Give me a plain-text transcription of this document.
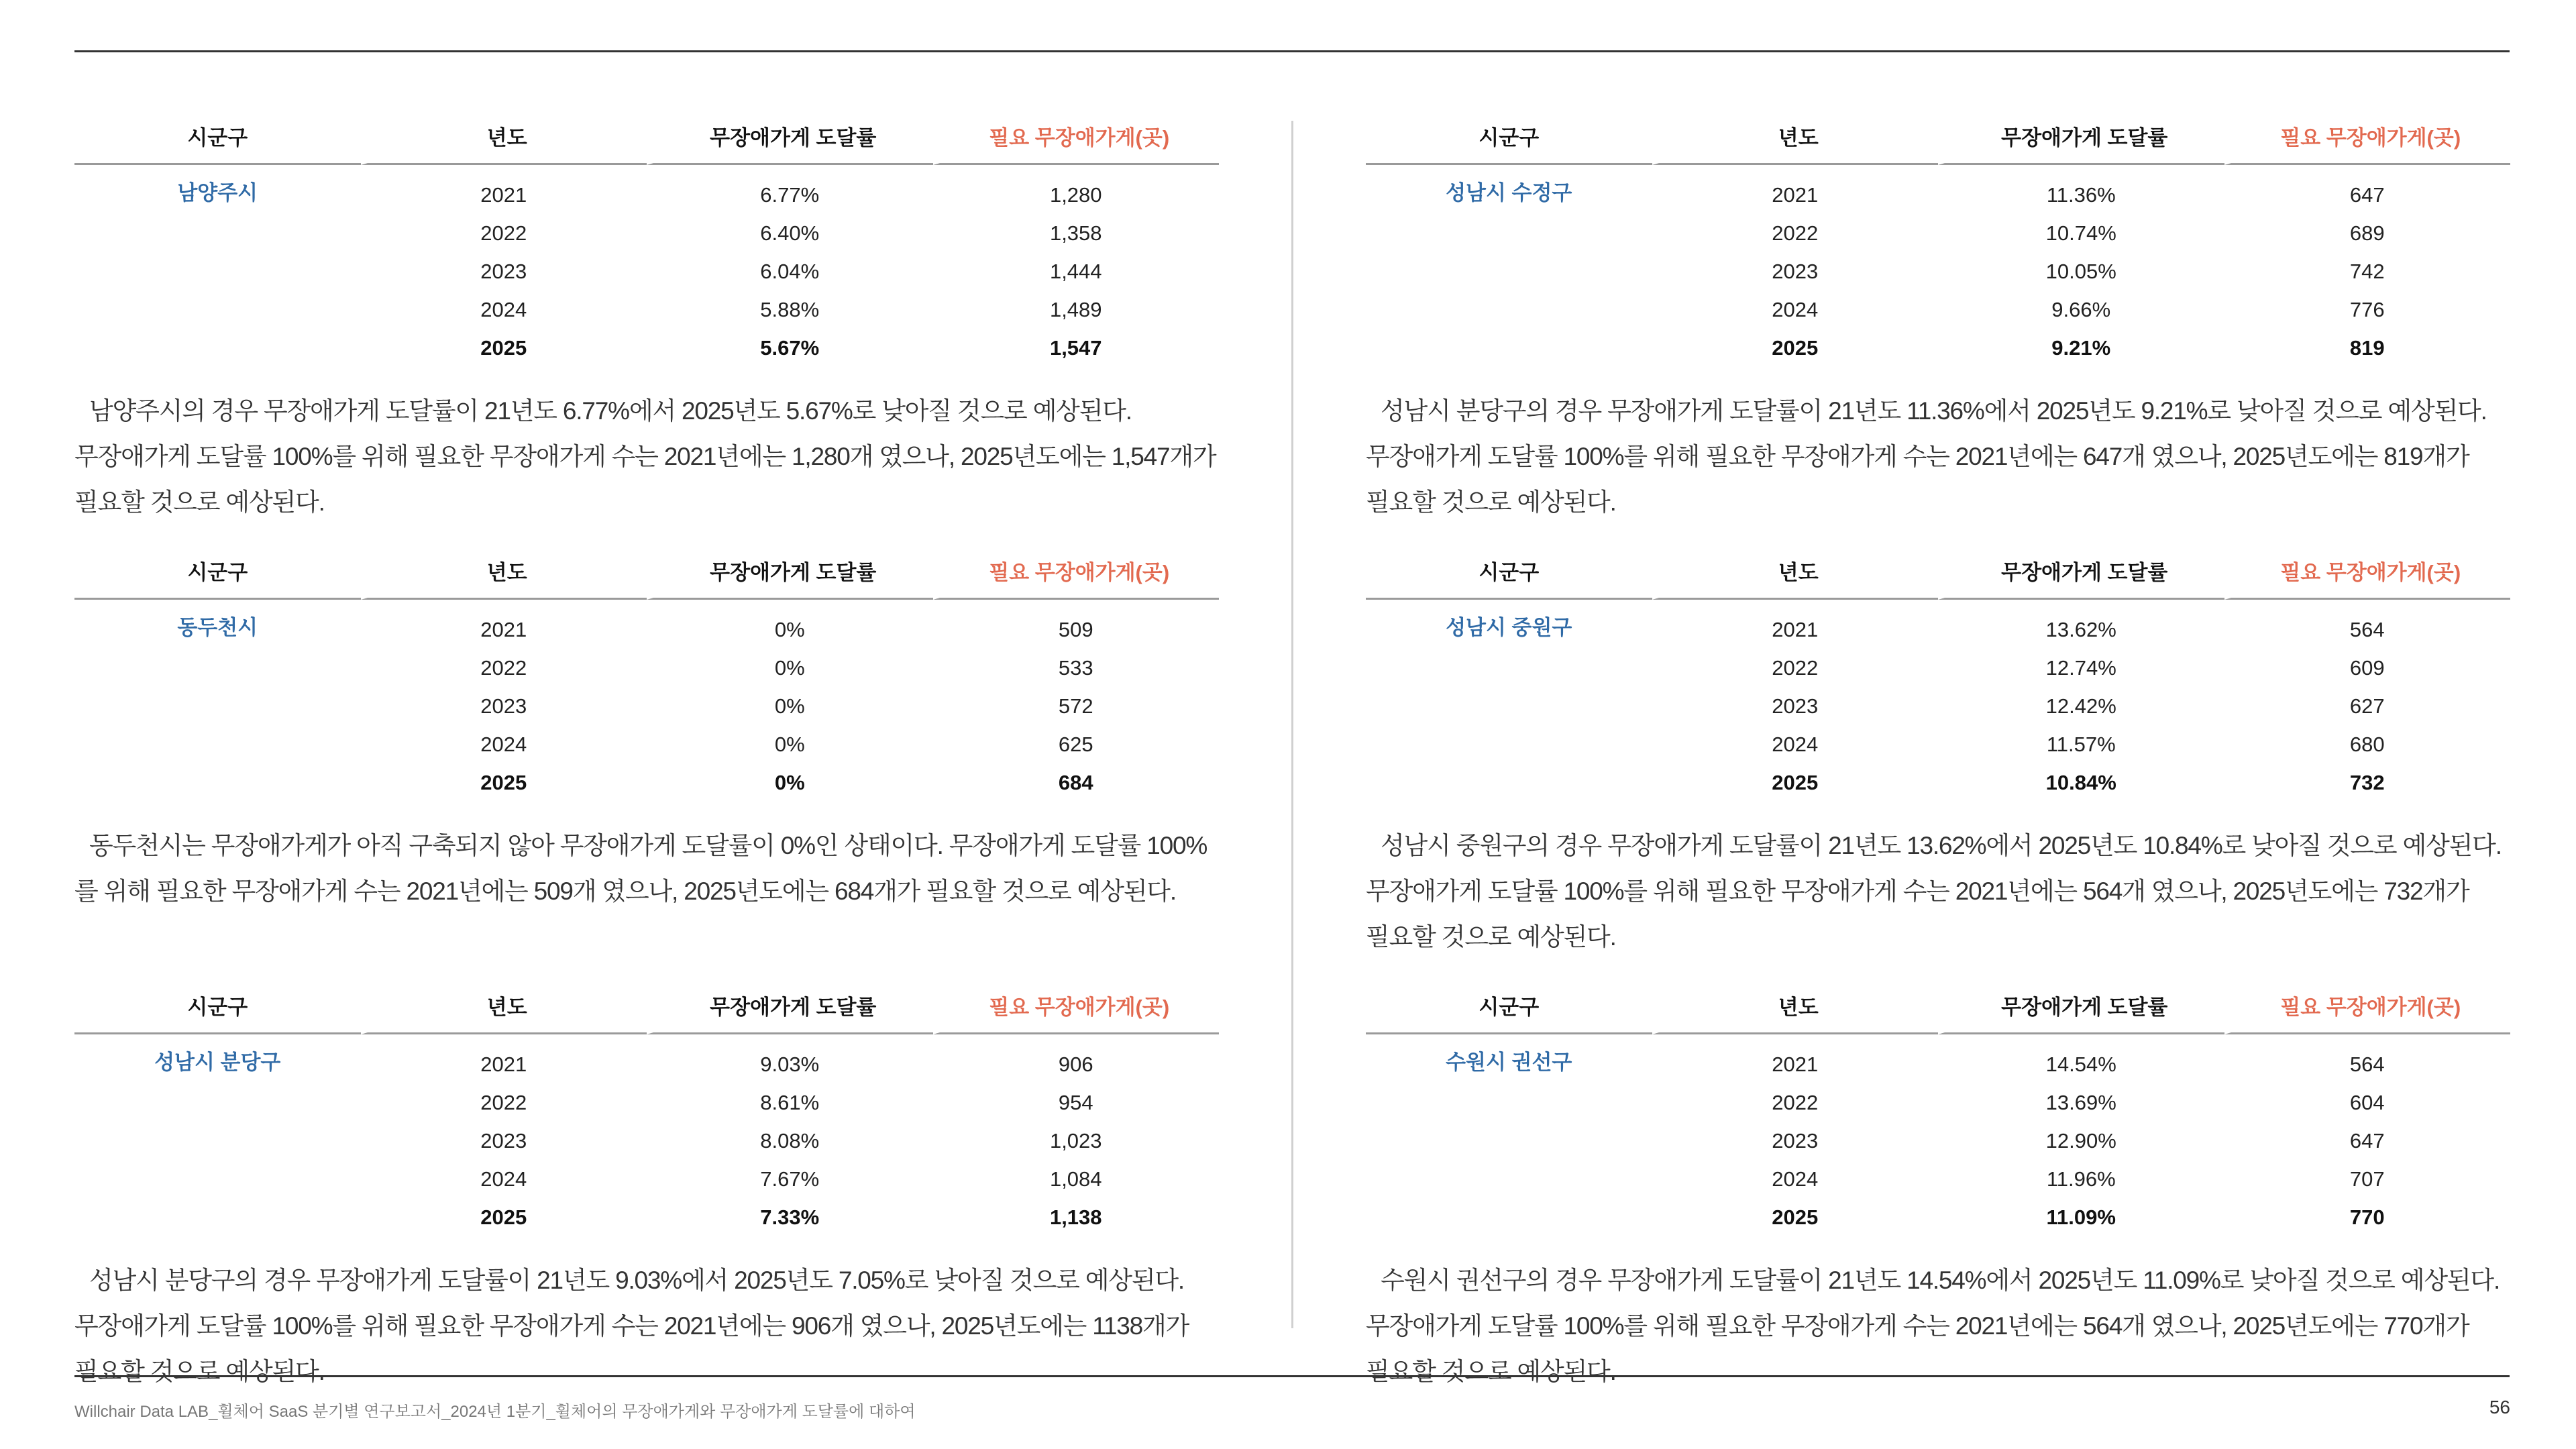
시군구	년도	무장애가게 도달률	필요 무장애가게(곳)
남양주시	2021	6.77%	1,280
	2022	6.40%	1,358
	2023	6.04%	1,444
	2024	5.88%	1,489
	2025	5.67%	1,547

남양주시의 경우 무장애가게 도달률이 21년도 6.77%에서 2025년도 5.67%로 낮아질 것으로 예상된다. 무장애가게 도달률 100%를 위해 필요한 무장애가게 수는 2021년에는 1,280개 였으나, 2025년도에는 1,547개가 필요할 것으로 예상된다.

시군구	년도	무장애가게 도달률	필요 무장애가게(곳)
동두천시	2021	0%	509
	2022	0%	533
	2023	0%	572
	2024	0%	625
	2025	0%	684

동두천시는 무장애가게가 아직 구축되지 않아 무장애가게 도달률이 0%인 상태이다. 무장애가게 도달률 100%를 위해 필요한 무장애가게 수는 2021년에는 509개 였으나, 2025년도에는 684개가 필요할 것으로 예상된다.

시군구	년도	무장애가게 도달률	필요 무장애가게(곳)
성남시 분당구	2021	9.03%	906
	2022	8.61%	954
	2023	8.08%	1,023
	2024	7.67%	1,084
	2025	7.33%	1,138

성남시 분당구의 경우 무장애가게 도달률이 21년도 9.03%에서 2025년도 7.05%로 낮아질 것으로 예상된다. 무장애가게 도달률 100%를 위해 필요한 무장애가게 수는 2021년에는 906개 였으나, 2025년도에는 1138개가 필요할 것으로 예상된다.

시군구	년도	무장애가게 도달률	필요 무장애가게(곳)
성남시 수정구	2021	11.36%	647
	2022	10.74%	689
	2023	10.05%	742
	2024	9.66%	776
	2025	9.21%	819

성남시 분당구의 경우 무장애가게 도달률이 21년도 11.36%에서 2025년도 9.21%로 낮아질 것으로 예상된다. 무장애가게 도달률 100%를 위해 필요한 무장애가게 수는 2021년에는 647개 였으나, 2025년도에는 819개가 필요할 것으로 예상된다.

시군구	년도	무장애가게 도달률	필요 무장애가게(곳)
성남시 중원구	2021	13.62%	564
	2022	12.74%	609
	2023	12.42%	627
	2024	11.57%	680
	2025	10.84%	732

성남시 중원구의 경우 무장애가게 도달률이 21년도 13.62%에서 2025년도 10.84%로 낮아질 것으로 예상된다. 무장애가게 도달률 100%를 위해 필요한 무장애가게 수는 2021년에는 564개 였으나, 2025년도에는 732개가 필요할 것으로 예상된다.

시군구	년도	무장애가게 도달률	필요 무장애가게(곳)
수원시 권선구	2021	14.54%	564
	2022	13.69%	604
	2023	12.90%	647
	2024	11.96%	707
	2025	11.09%	770

수원시 권선구의 경우 무장애가게 도달률이 21년도 14.54%에서 2025년도 11.09%로 낮아질 것으로 예상된다. 무장애가게 도달률 100%를 위해 필요한 무장애가게 수는 2021년에는 564개 였으나, 2025년도에는 770개가 필요할 것으로 예상된다.

Willchair Data LAB_휠체어 SaaS 분기별 연구보고서_2024년 1분기_휠체어의 무장애가게와 무장애가게 도달률에 대하여	56
